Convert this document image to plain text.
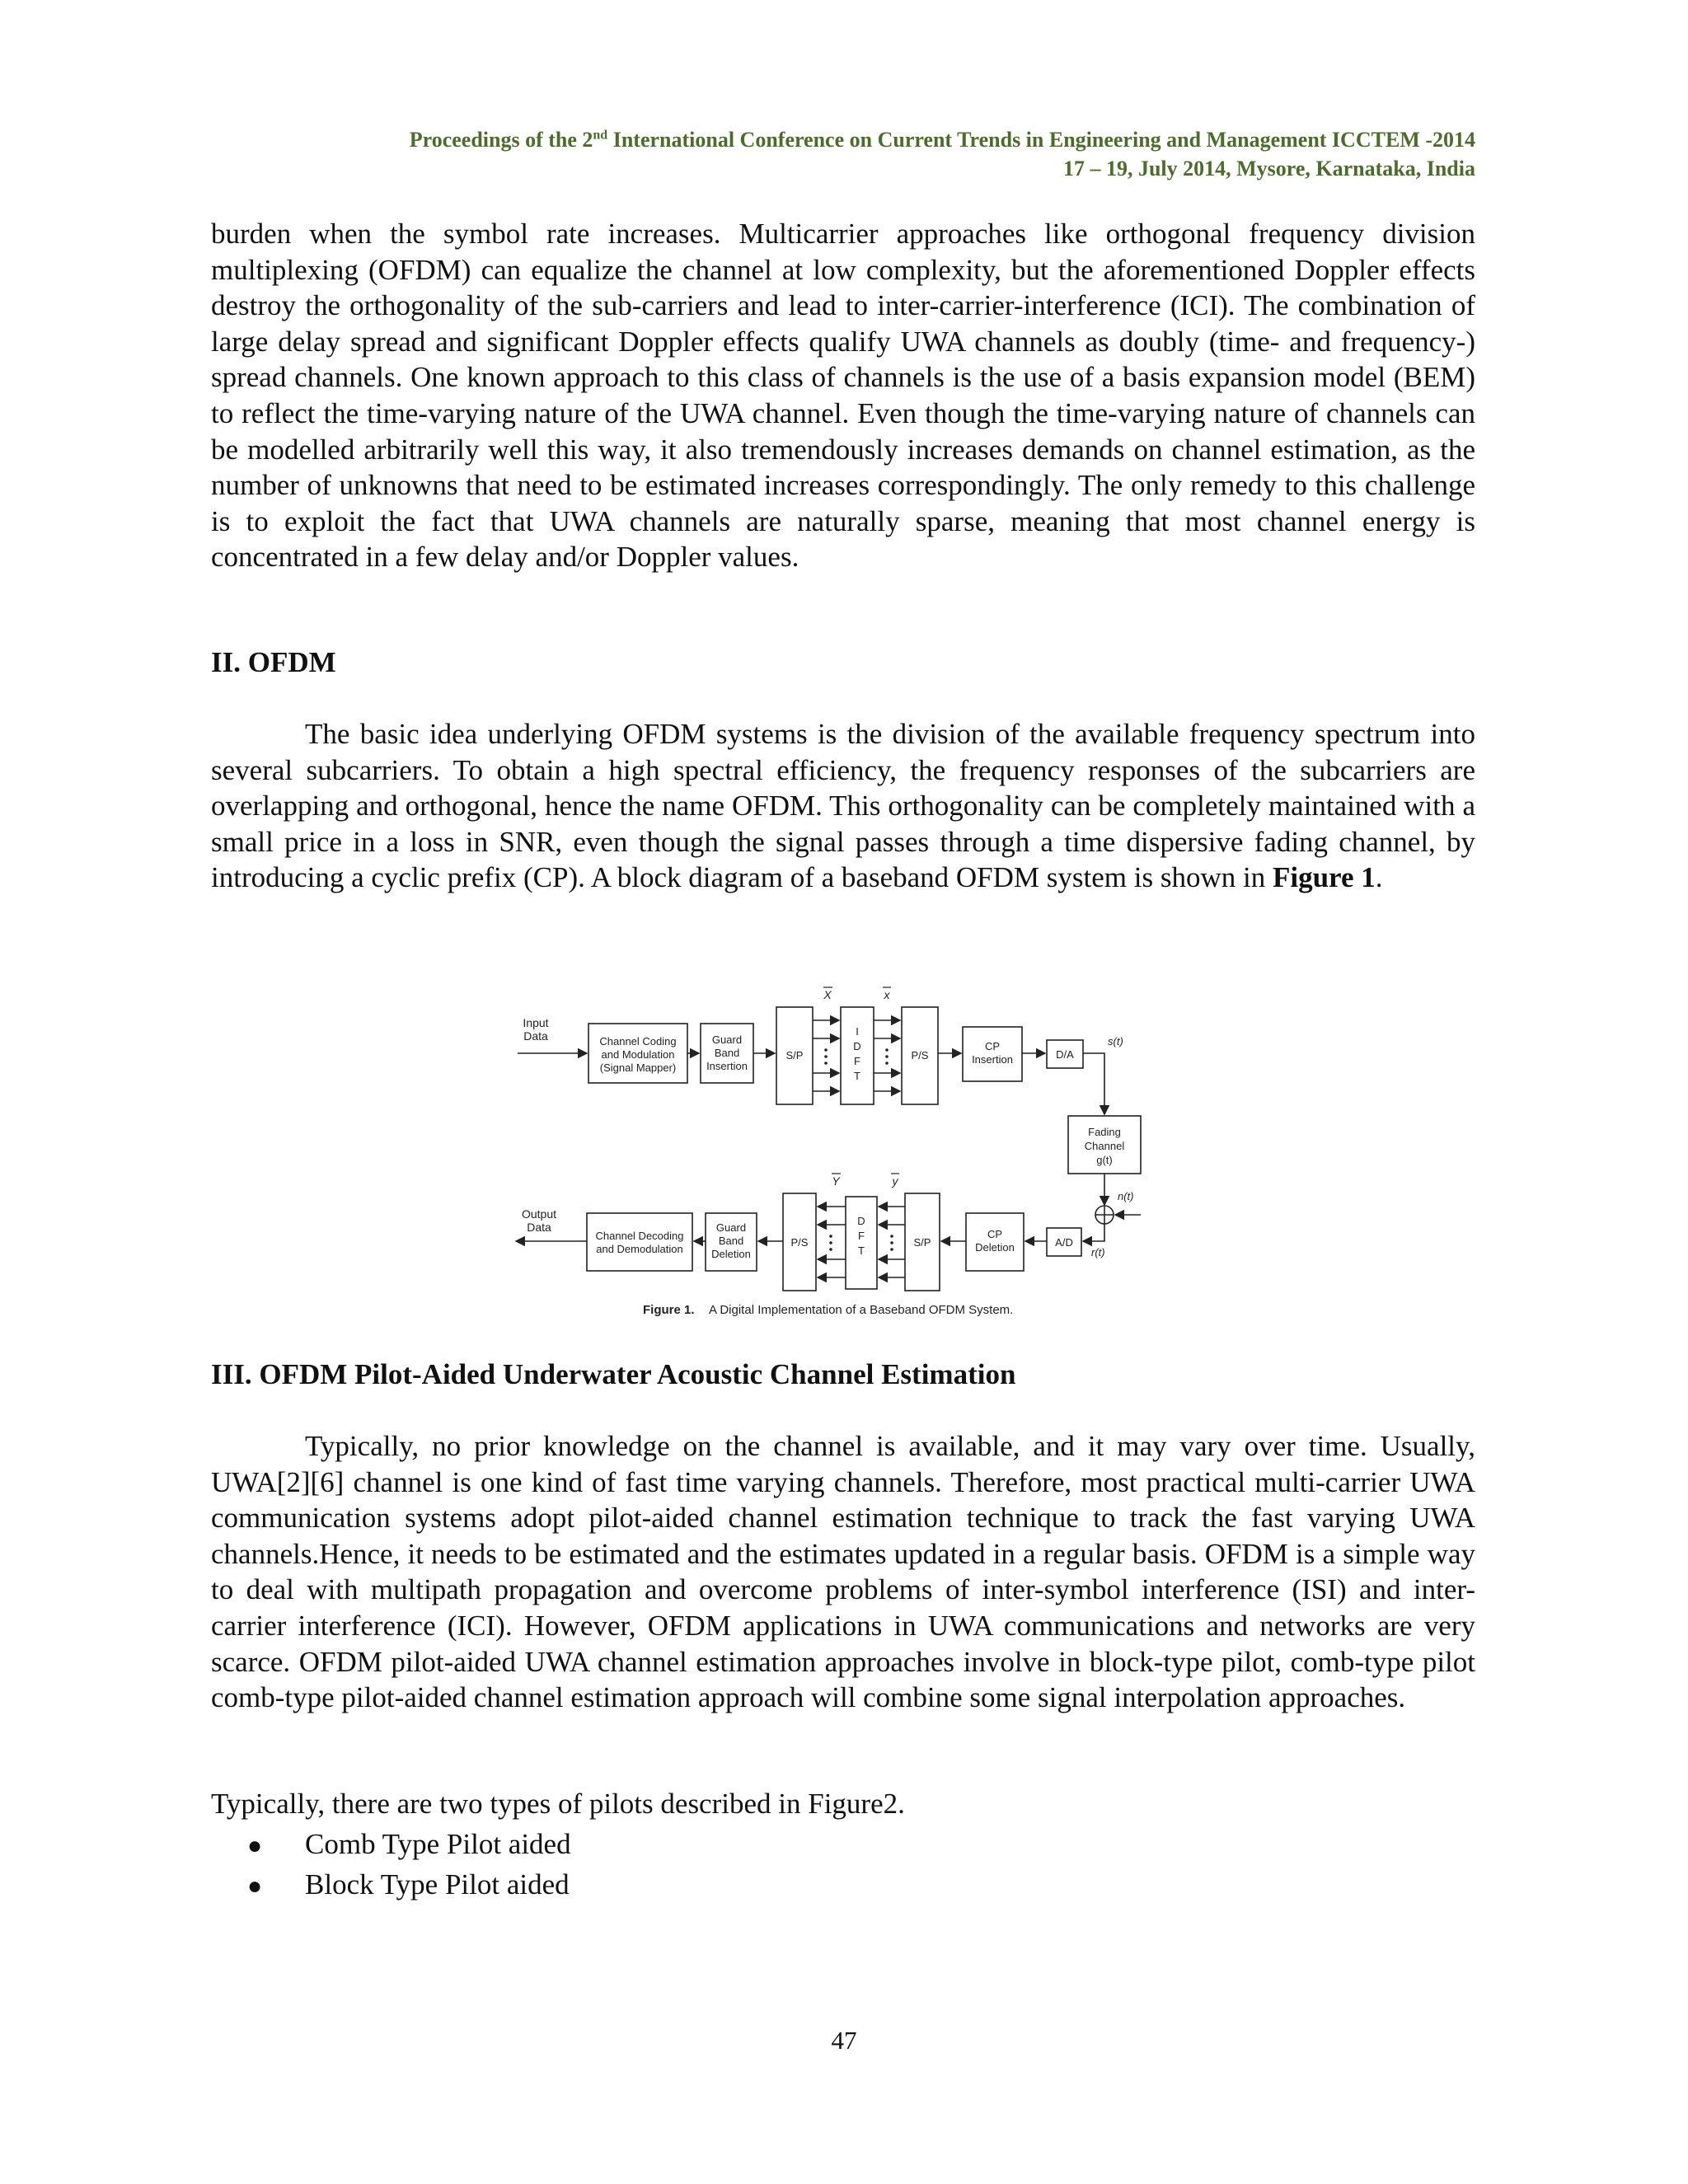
Proceedings of the 2nd International Conference on Current Trends in Engineering and Management ICCTEM -2014
17 – 19, July 2014, Mysore, Karnataka, India

burden when the symbol rate increases. Multicarrier approaches like orthogonal frequency division multiplexing (OFDM) can equalize the channel at low complexity, but the aforementioned Doppler effects destroy the orthogonality of the sub-carriers and lead to inter-carrier-interference (ICI). The combination of large delay spread and significant Doppler effects qualify UWA channels as doubly (time- and frequency-) spread channels. One known approach to this class of channels is the use of a basis expansion model (BEM) to reflect the time-varying nature of the UWA channel. Even though the time-varying nature of channels can be modelled arbitrarily well this way, it also tremendously increases demands on channel estimation, as the number of unknowns that need to be estimated increases correspondingly. The only remedy to this challenge is to exploit the fact that UWA channels are naturally sparse, meaning that most channel energy is concentrated in a few delay and/or Doppler values.

II. OFDM

The basic idea underlying OFDM systems is the division of the available frequency spectrum into several subcarriers. To obtain a high spectral efficiency, the frequency responses of the subcarriers are overlapping and orthogonal, hence the name OFDM. This orthogonality can be completely maintained with a small price in a loss in SNR, even though the signal passes through a time dispersive fading channel, by introducing a cyclic prefix (CP). A block diagram of a baseband OFDM system is shown in Figure 1.

Input
Data	Channel Coding
and Modulation
(Signal Mapper)
Guard
Band
Insertion
S/P
I
D
F
T
P/S
CP
Insertion	D/A
s(t)
Fading
Channel
g(t)
n(t)
r(t)
A/D
CP
Deletion
S/P
D
F
T
P/S
Guard
Band
Deletion
Channel Decoding
and Demodulation
Output
Data
X	x
Y	y
Figure 1. A Digital Implementation of a Baseband OFDM System.
III. OFDM Pilot-Aided Underwater Acoustic Channel Estimation

Typically, no prior knowledge on the channel is available, and it may vary over time. Usually, UWA[2][6] channel is one kind of fast time varying channels. Therefore, most practical multi-carrier UWA communication systems adopt pilot-aided channel estimation technique to track the fast varying UWA channels.Hence, it needs to be estimated and the estimates updated in a regular basis. OFDM is a simple way to deal with multipath propagation and overcome problems of inter-symbol interference (ISI) and inter-carrier interference (ICI). However, OFDM applications in UWA communications and networks are very scarce. OFDM pilot-aided UWA channel estimation approaches involve in block-type pilot, comb-type pilot comb-type pilot-aided channel estimation approach will combine some signal interpolation approaches.

Typically, there are two types of pilots described in Figure2.
●	Comb Type Pilot aided
●	Block Type Pilot aided
47
